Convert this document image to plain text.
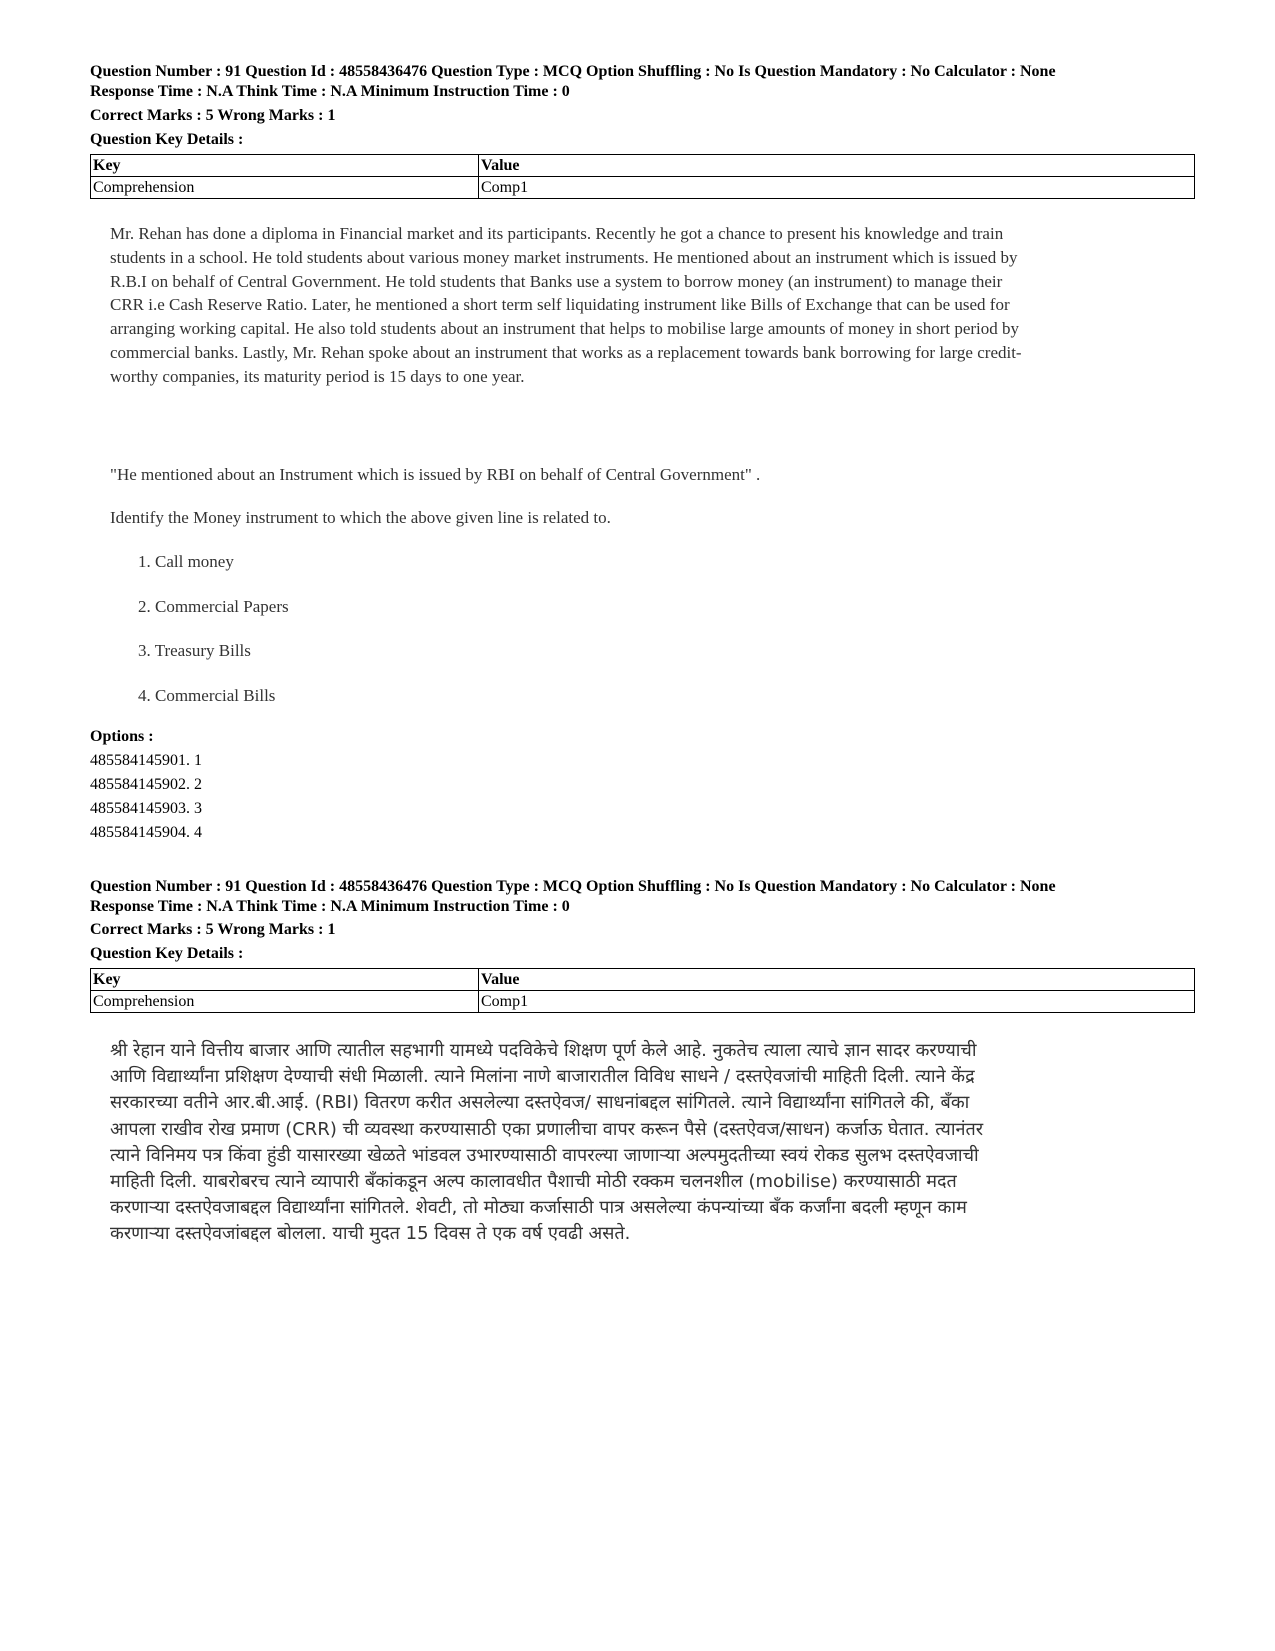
Question Number : 91 Question Id : 48558436476 Question Type : MCQ Option Shuffling : No Is Question Mandatory : No Calculator : None
Response Time : N.A Think Time : N.A Minimum Instruction Time : 0
Correct Marks : 5 Wrong Marks : 1
Question Key Details :
Key	Value
Comprehension	Comp1
Mr. Rehan has done a diploma in Financial market and its participants. Recently he got a chance to present his knowledge and train students in a school. He told students about various money market instruments. He mentioned about an instrument which is issued by R.B.I on behalf of Central Government. He told students that Banks use a system to borrow money (an instrument) to manage their CRR i.e Cash Reserve Ratio. Later, he mentioned a short term self liquidating instrument like Bills of Exchange that can be used for arranging working capital. He also told students about an instrument that helps to mobilise large amounts of money in short period by commercial banks. Lastly, Mr. Rehan spoke about an instrument that works as a replacement towards bank borrowing for large credit-worthy companies, its maturity period is 15 days to one year.
"He mentioned about an Instrument which is issued by RBI on behalf of Central Government" .
Identify the Money instrument to which the above given line is related to.
1. Call money
2. Commercial Papers
3. Treasury Bills
4. Commercial Bills
Options :
485584145901. 1
485584145902. 2
485584145903. 3
485584145904. 4
Question Number : 91 Question Id : 48558436476 Question Type : MCQ Option Shuffling : No Is Question Mandatory : No Calculator : None
Response Time : N.A Think Time : N.A Minimum Instruction Time : 0
Correct Marks : 5 Wrong Marks : 1
Question Key Details :
Key	Value
Comprehension	Comp1
श्री रेहान याने वित्तीय बाजार आणि त्यातील सहभागी यामध्ये पदविकेचे शिक्षण पूर्ण केले आहे. नुकतेच त्याला त्याचे ज्ञान सादर करण्याची आणि विद्यार्थ्यांना प्रशिक्षण देण्याची संधी मिळाली. त्याने मिलांना नाणे बाजारातील विविध साधने / दस्तऐवजांची माहिती दिली. त्याने केंद्र सरकारच्या वतीने आर.बी.आई. (RBI) वितरण करीत असलेल्या दस्तऐवज/ साधनांबद्दल सांगितले. त्याने विद्यार्थ्यांना सांगितले की, बँका आपला राखीव रोख प्रमाण (CRR) ची व्यवस्था करण्यासाठी एका प्रणालीचा वापर करून पैसे (दस्तऐवज/साधन) कर्जाऊ घेतात. त्यानंतर त्याने विनिमय पत्र किंवा हुंडी यासारख्या खेळते भांडवल उभारण्यासाठी वापरल्या जाणाऱ्या अल्पमुदतीच्या स्वयं रोकड सुलभ दस्तऐवजाची माहिती दिली. याबरोबरच त्याने व्यापारी बँकांकडून अल्प कालावधीत पैशाची मोठी रक्कम चलनशील (mobilise) करण्यासाठी मदत करणाऱ्या दस्तऐवजाबद्दल विद्यार्थ्यांना सांगितले. शेवटी, तो मोठ्या कर्जासाठी पात्र असलेल्या कंपन्यांच्या बँक कर्जांना बदली म्हणून काम करणाऱ्या दस्तऐवजांबद्दल बोलला. याची मुदत 15 दिवस ते एक वर्ष एवढी असते.
